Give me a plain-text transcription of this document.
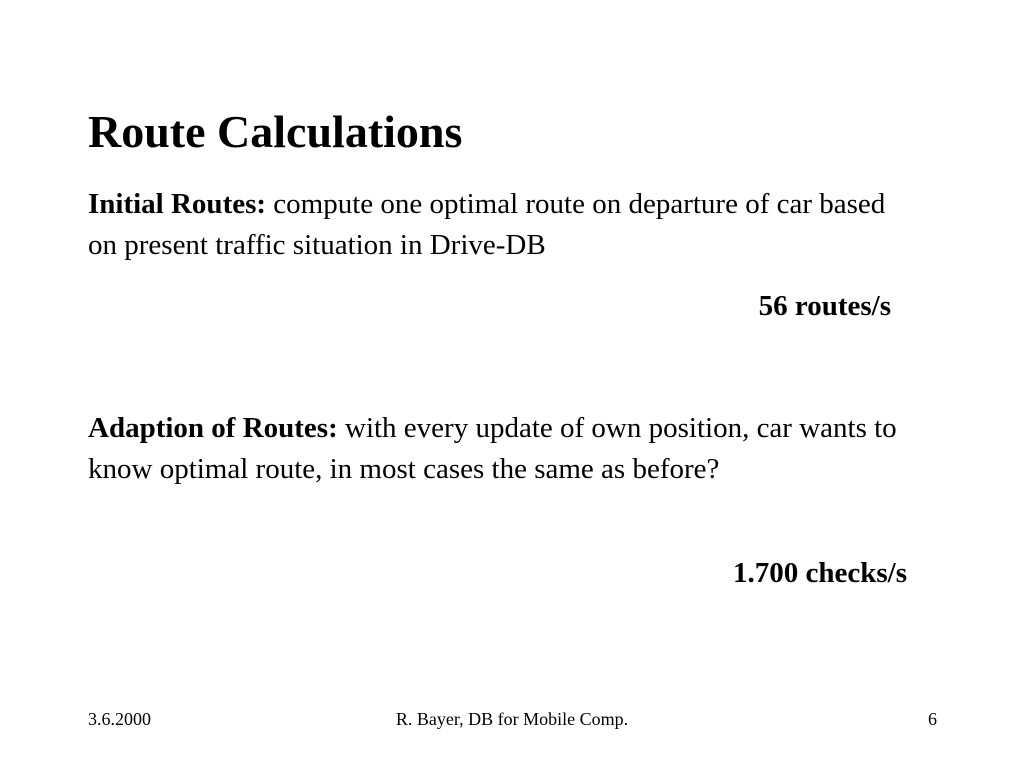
Route Calculations

Initial Routes: compute one optimal route on departure of car based on present traffic situation in Drive-DB

56 routes/s

Adaption of Routes: with every update of own position, car wants to know optimal route, in most cases the same as before?

1.700 checks/s

3.6.2000	R. Bayer, DB for Mobile Comp.	6
